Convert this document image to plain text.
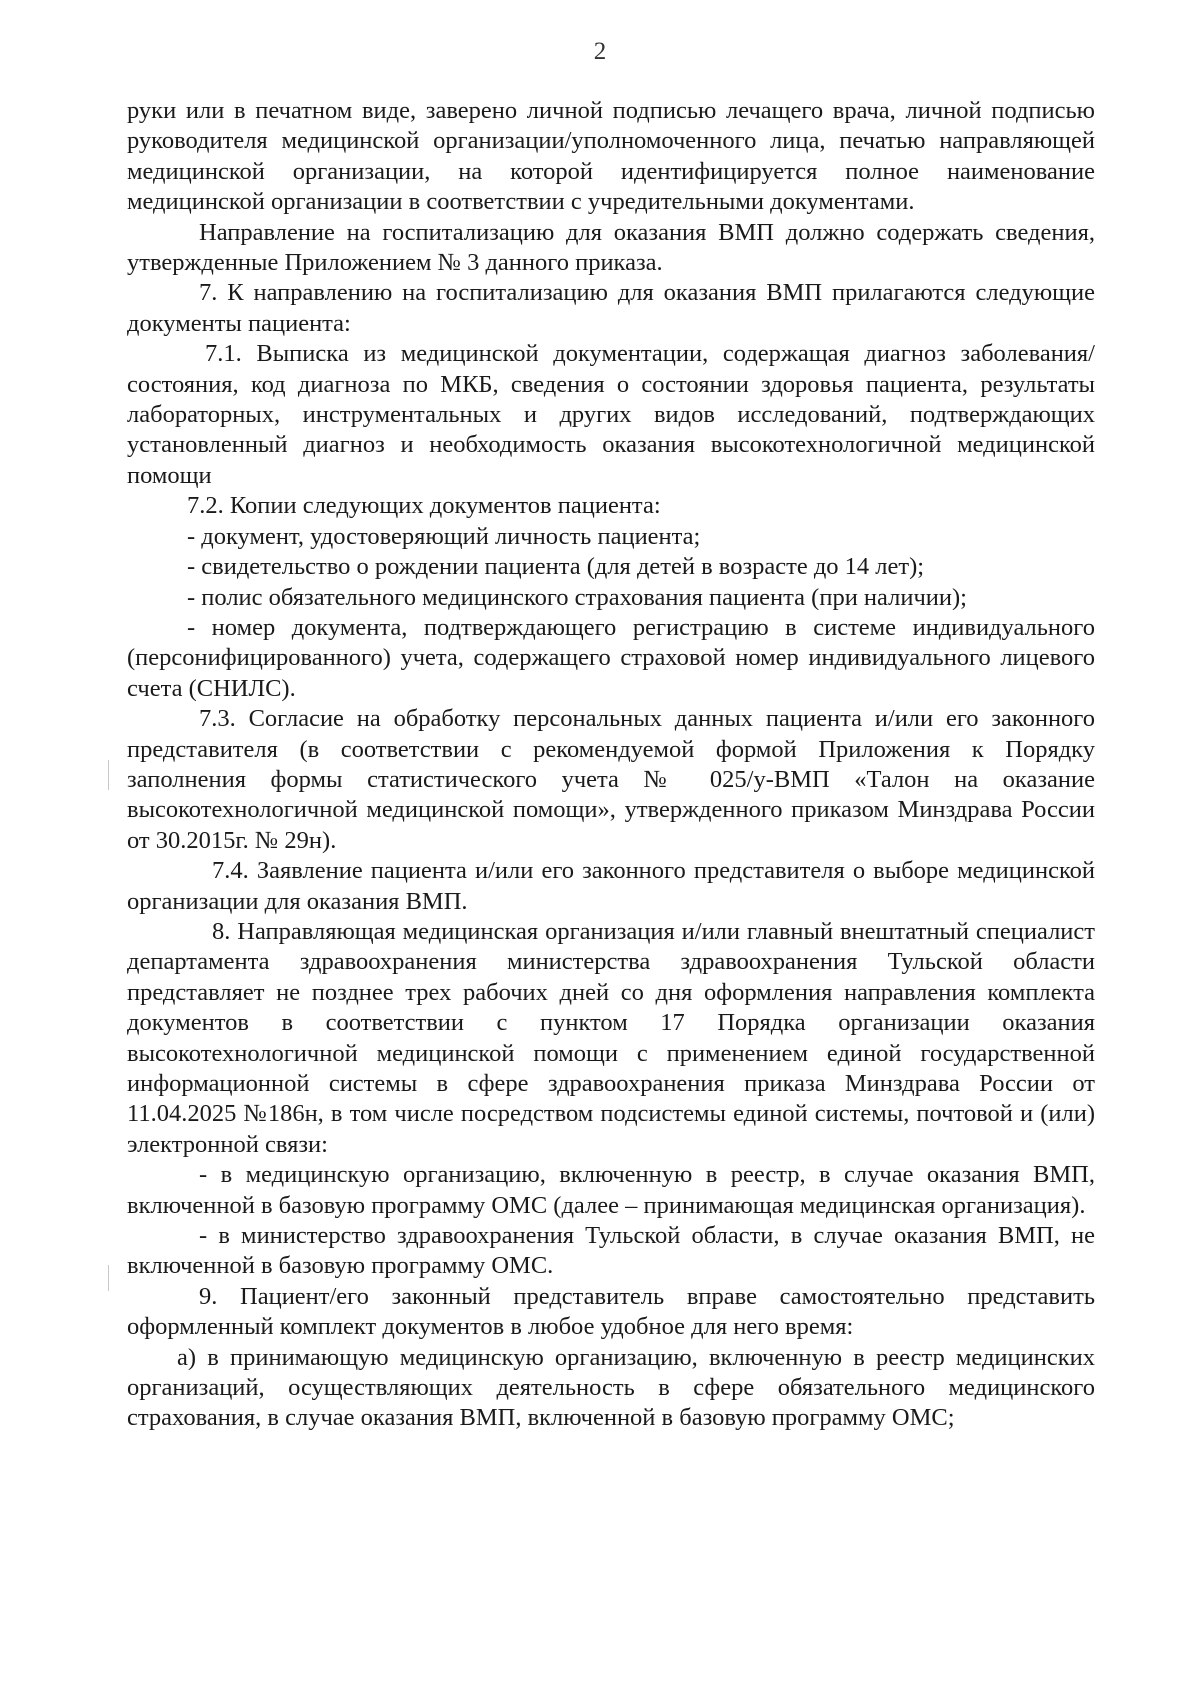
2

руки или в печатном виде, заверено личной подписью лечащего врача, личной подписью руководителя медицинской организации/уполномоченного лица, печатью направляющей медицинской организации, на которой идентифицируется полное наименование медицинской организации в соответствии с учредительными документами.

Направление на госпитализацию для оказания ВМП должно содержать сведения, утвержденные Приложением № 3 данного приказа.

7. К направлению на госпитализацию для оказания ВМП прилагаются следующие документы пациента:

7.1. Выписка из медицинской документации, содержащая диагноз заболевания/состояния, код диагноза по МКБ, сведения о состоянии здоровья пациента, результаты лабораторных, инструментальных и других видов исследований, подтверждающих установленный диагноз и необходимость оказания высокотехнологичной медицинской помощи

7.2. Копии следующих документов пациента:

- документ, удостоверяющий личность пациента;

- свидетельство о рождении пациента (для детей в возрасте до 14 лет);

- полис обязательного медицинского страхования пациента (при наличии);

- номер документа, подтверждающего регистрацию в системе индивидуального (персонифицированного) учета, содержащего страховой номер индивидуального лицевого счета (СНИЛС).

7.3. Согласие на обработку персональных данных пациента и/или его законного представителя (в соответствии с рекомендуемой формой Приложения к Порядку заполнения формы статистического учета № 025/у-ВМП «Талон на оказание высокотехнологичной медицинской помощи», утвержденного приказом Минздрава России от 30.2015г. № 29н).

7.4. Заявление пациента и/или его законного представителя о выборе медицинской организации для оказания ВМП.

8. Направляющая медицинская организация и/или главный внештатный специалист департамента здравоохранения министерства здравоохранения Тульской области представляет не позднее трех рабочих дней со дня оформления направления комплекта документов в соответствии с пунктом 17 Порядка организации оказания высокотехнологичной медицинской помощи с применением единой государственной информационной системы в сфере здравоохранения приказа Минздрава России от 11.04.2025 №186н, в том числе посредством подсистемы единой системы, почтовой и (или) электронной связи:

- в медицинскую организацию, включенную в реестр, в случае оказания ВМП, включенной в базовую программу ОМС (далее – принимающая медицинская организация).

- в министерство здравоохранения Тульской области, в случае оказания ВМП, не включенной в базовую программу ОМС.

9. Пациент/его законный представитель вправе самостоятельно представить оформленный комплект документов в любое удобное для него время:

а) в принимающую медицинскую организацию, включенную в реестр медицинских организаций, осуществляющих деятельность в сфере обязательного медицинского страхования, в случае оказания ВМП, включенной в базовую программу ОМС;
